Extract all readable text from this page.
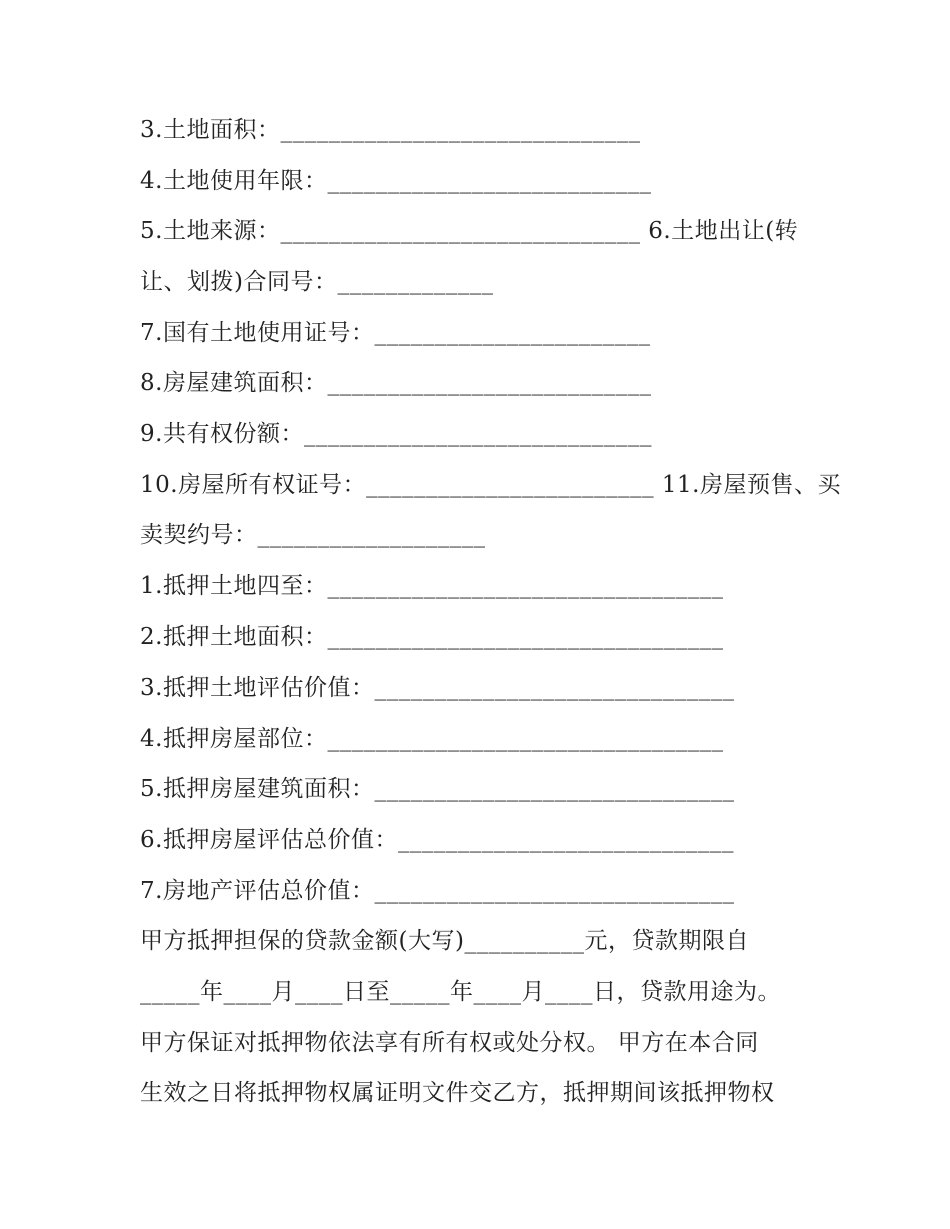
3.土地面积：______________________________
4.土地使用年限：___________________________
5.土地来源：______________________________ 6.土地出让(转
让、划拨)合同号：_____________
7.国有土地使用证号：_______________________
8.房屋建筑面积：___________________________
9.共有权份额：_____________________________
10.房屋所有权证号：________________________ 11.房屋预售、买
卖契约号：___________________
1.抵押土地四至：_________________________________
2.抵押土地面积：_________________________________
3.抵押土地评估价值：______________________________
4.抵押房屋部位：_________________________________
5.抵押房屋建筑面积：______________________________
6.抵押房屋评估总价值：____________________________
7.房地产评估总价值：______________________________
甲方抵押担保的贷款金额(大写)__________元，贷款期限自
_____年____月____日至_____年____月____日，贷款用途为。
甲方保证对抵押物依法享有所有权或处分权。 甲方在本合同
生效之日将抵押物权属证明文件交乙方，抵押期间该抵押物权
